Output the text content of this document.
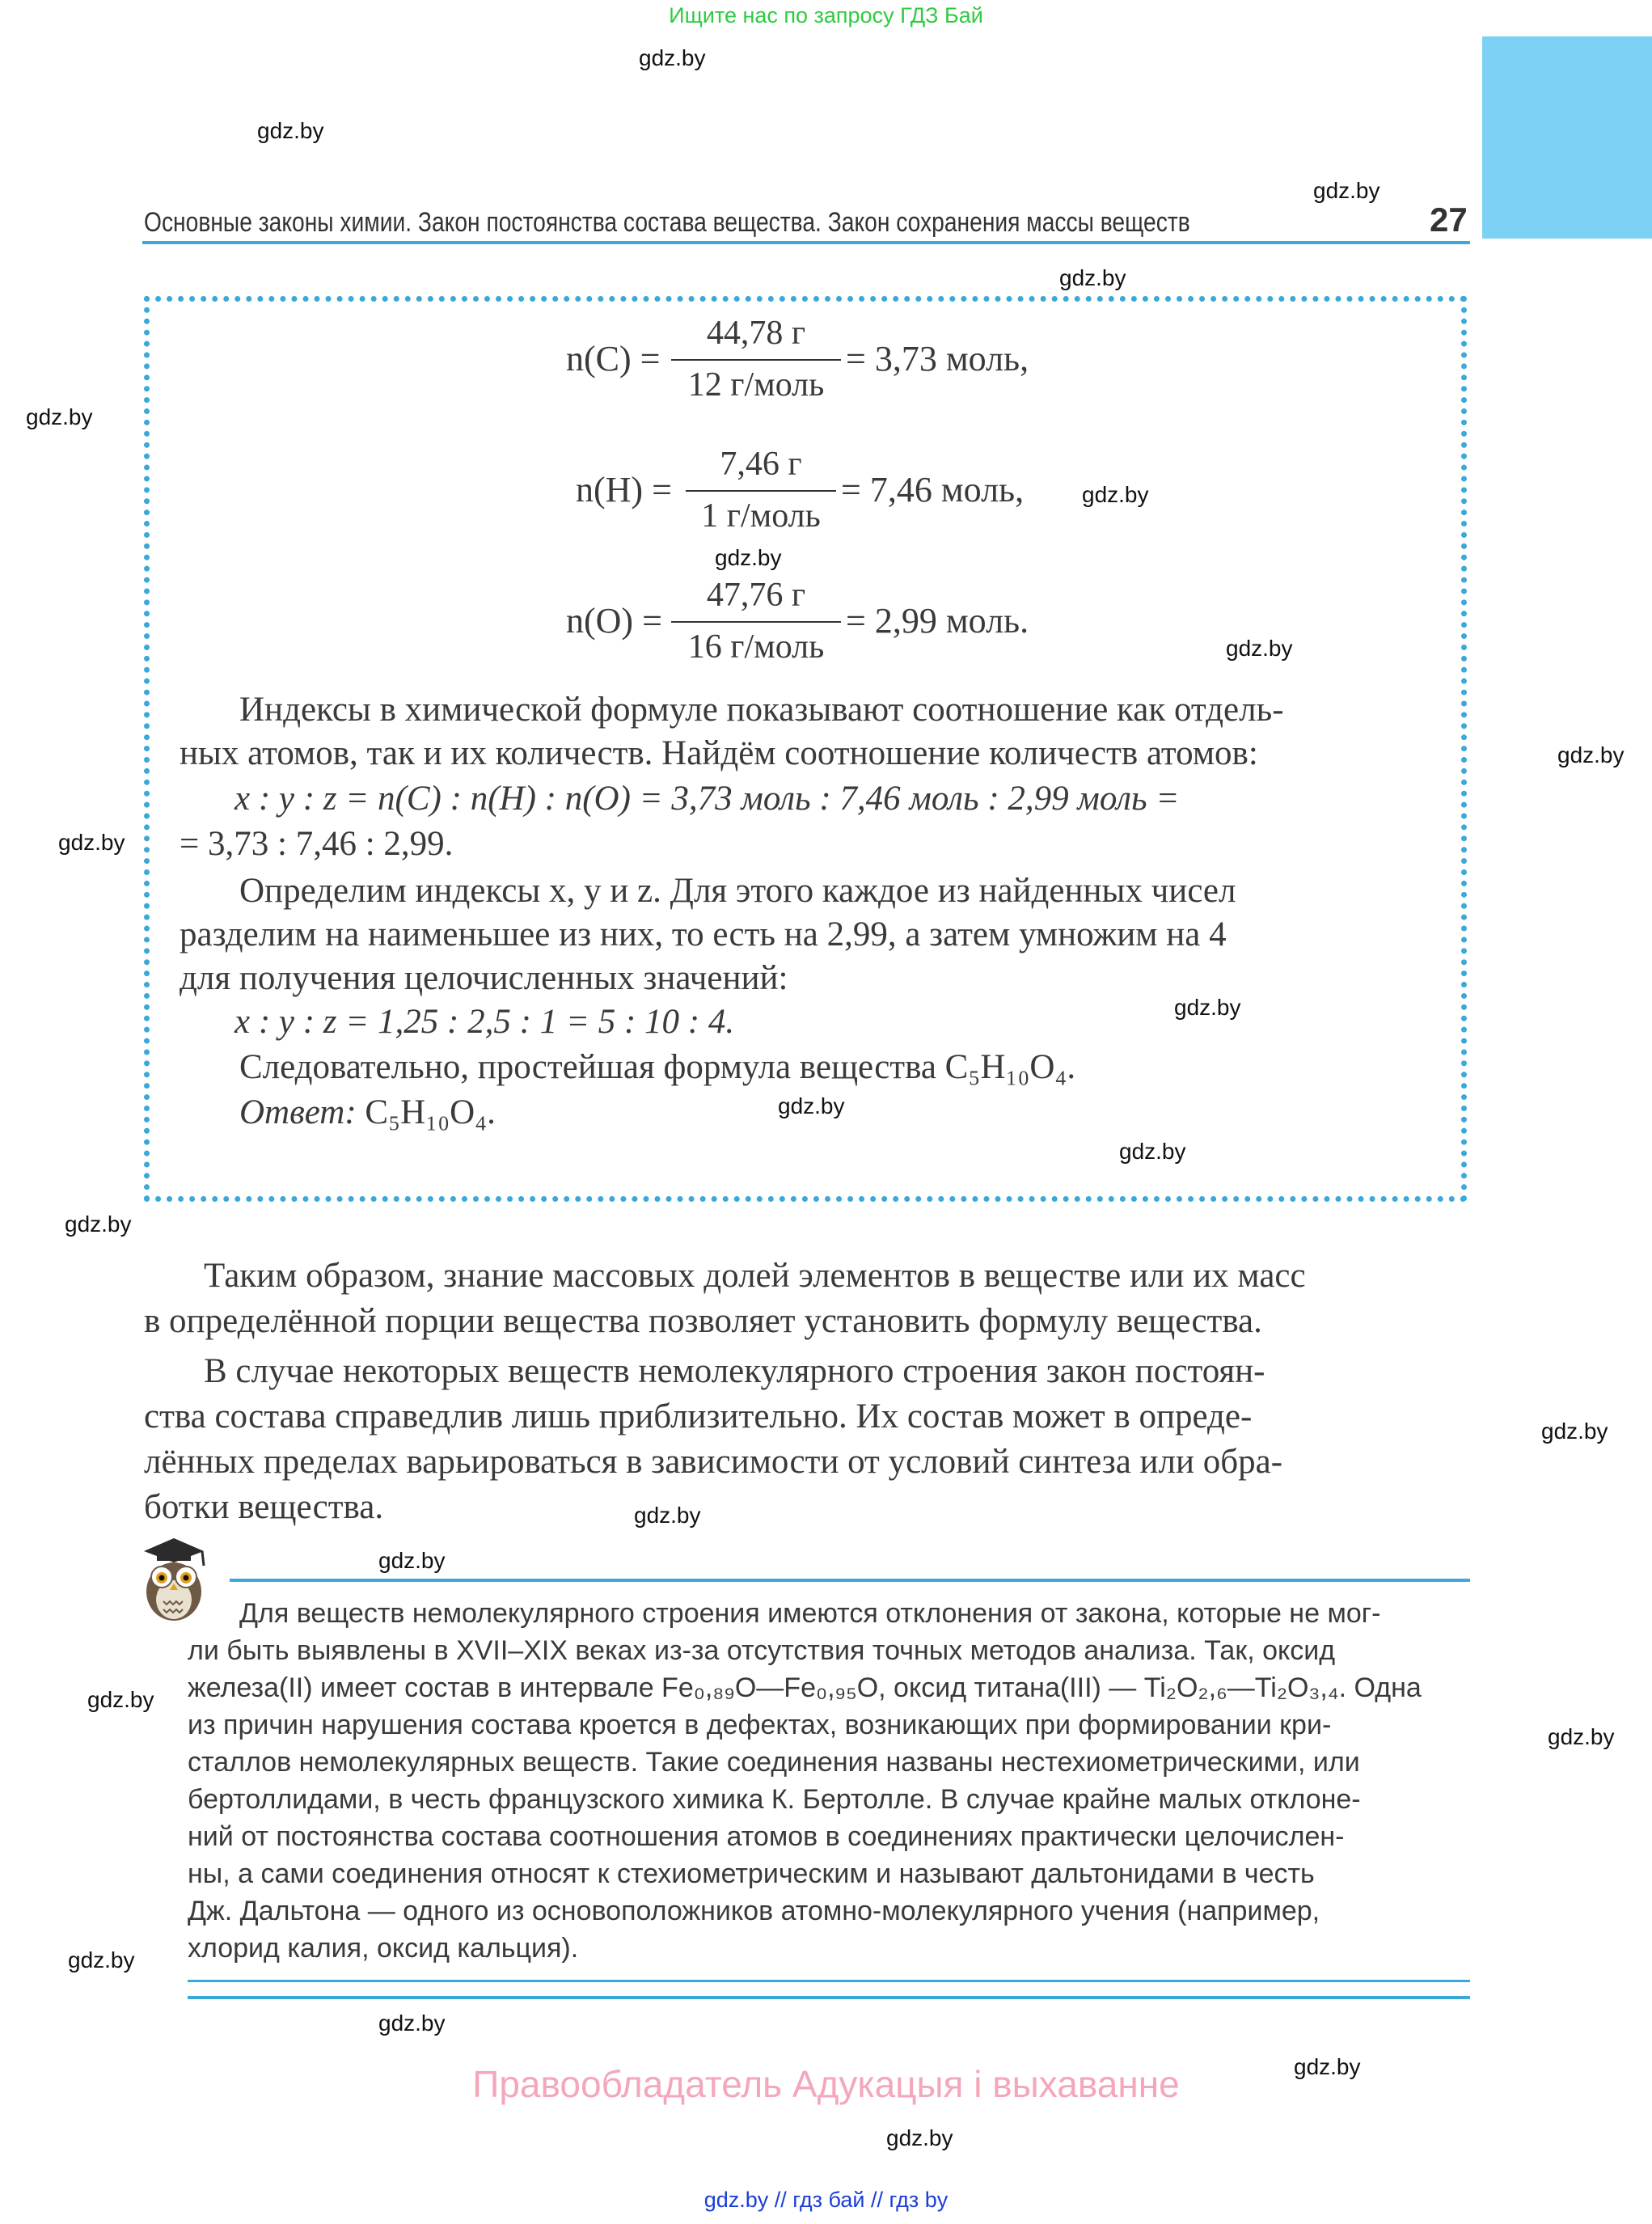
Ищите нас по запросу ГДЗ Бай
Основные законы химии. Закон постоянства состава вещества. Закон сохранения массы веществ	27
gdz.by
gdz.by
gdz.by
gdz.by
gdz.by
gdz.by
gdz.by
gdz.by
gdz.by
gdz.by
gdz.by
gdz.by
gdz.by
gdz.by
gdz.by
gdz.by
gdz.by
gdz.by
gdz.by
gdz.by
gdz.by
gdz.by
gdz.by
n(C) =
44,78 г
12 г/моль
= 3,73 моль,
n(H) =
7,46 г
1 г/моль
= 7,46 моль,
n(O) =
47,76 г
16 г/моль
= 2,99 моль.
Индексы в химической формуле показывают соотношение как отдель-
ных атомов, так и их количеств. Найдём соотношение количеств атомов:
x : y : z = n(C) : n(H) : n(O) = 3,73 моль : 7,46 моль : 2,99 моль =
= 3,73 : 7,46 : 2,99.
Определим индексы x, y и z. Для этого каждое из найденных чисел
разделим на наименьшее из них, то есть на 2,99, а затем умножим на 4
для получения целочисленных значений:
x : y : z = 1,25 : 2,5 : 1 = 5 : 10 : 4.
Следовательно, простейшая формула вещества C₅H₁₀O₄.
Ответ: C₅H₁₀O₄.
Таким образом, знание массовых долей элементов в веществе или их масс
в определённой порции вещества позволяет установить формулу вещества.
В случае некоторых веществ немолекулярного строения закон постоян-
ства состава справедлив лишь приблизительно. Их состав может в опреде-
лённых пределах варьироваться в зависимости от условий синтеза или обра-
ботки вещества.
Для веществ немолекулярного строения имеются отклонения от закона, которые не мог-
ли быть выявлены в XVII–XIX веках из-за отсутствия точных методов анализа. Так, оксид
железа(II) имеет состав в интервале Fe₀,₈₉O—Fe₀,₉₅O, оксид титана(III) — Ti₂O₂,₆—Ti₂O₃,₄. Одна
из причин нарушения состава кроется в дефектах, возникающих при формировании кри-
сталлов немолекулярных веществ. Такие соединения названы нестехиометрическими, или
бертоллидами, в честь французского химика К. Бертолле. В случае крайне малых отклоне-
ний от постоянства состава соотношения атомов в соединениях практически целочислен-
ны, а сами соединения относят к стехиометрическим и называют дальтонидами в честь
Дж. Дальтона — одного из основоположников атомно-молекулярного учения (например,
хлорид калия, оксид кальция).
Правообладатель Адукацыя і выхаванне
gdz.by // гдз бай // гдз by
